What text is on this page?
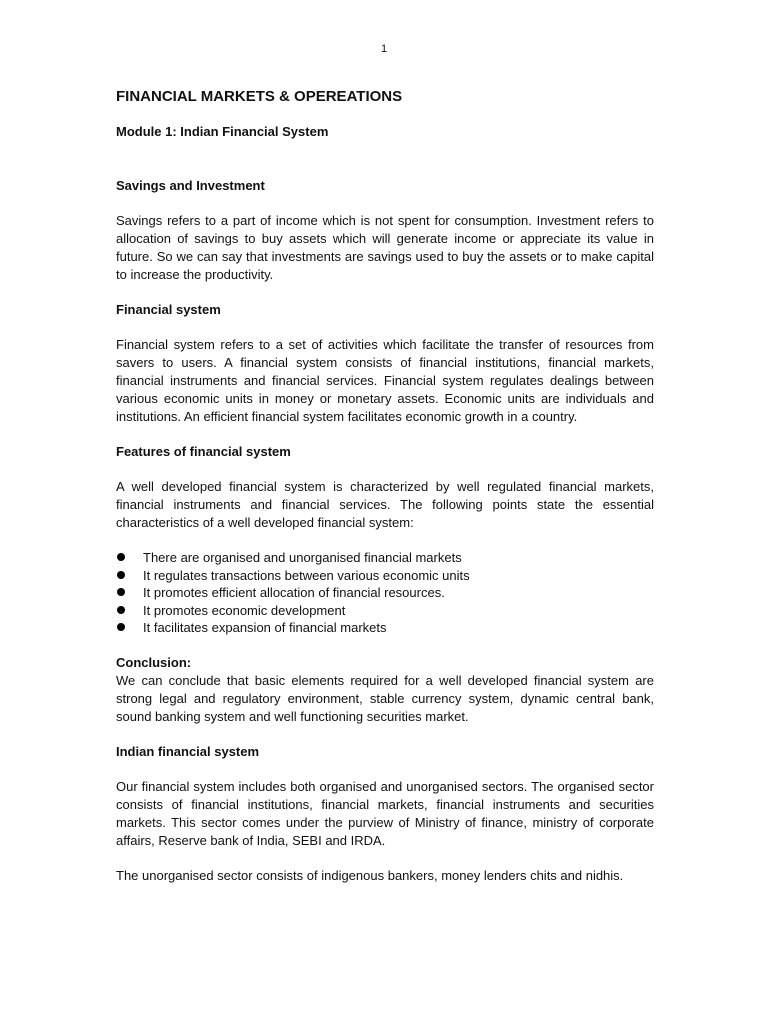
1
FINANCIAL MARKETS & OPEREATIONS
Module 1: Indian Financial System
Savings and Investment

Savings refers to a part of income which is not spent for consumption. Investment refers to allocation of savings to buy assets which will generate income or appreciate its value in future. So we can say that investments are savings used to buy the assets or to make capital to increase the productivity.

Financial system

Financial system refers to a set of activities which facilitate the transfer of resources from savers to users. A financial system consists of financial institutions, financial markets, financial instruments and financial services. Financial system regulates dealings between various economic units in money or monetary assets. Economic units are individuals and institutions. An efficient financial system facilitates economic growth in a country.

Features of financial system

A well developed financial system is characterized by well regulated financial markets, financial instruments and financial services. The following points state the essential characteristics of a well developed financial system:

There are organised and unorganised financial markets
It regulates transactions between various economic units
It promotes efficient allocation of financial resources.
It promotes economic development
It facilitates expansion of financial markets
Conclusion:

We can conclude that basic elements required for a well developed financial system are strong legal and regulatory environment, stable currency system, dynamic central bank, sound banking system and well functioning securities market.

Indian financial system

Our financial system includes both organised and unorganised sectors. The organised sector consists of financial institutions, financial markets, financial instruments and securities markets. This sector comes under the purview of Ministry of finance, ministry of corporate affairs, Reserve bank of India, SEBI and IRDA.

The unorganised sector consists of indigenous bankers, money lenders chits and nidhis.
